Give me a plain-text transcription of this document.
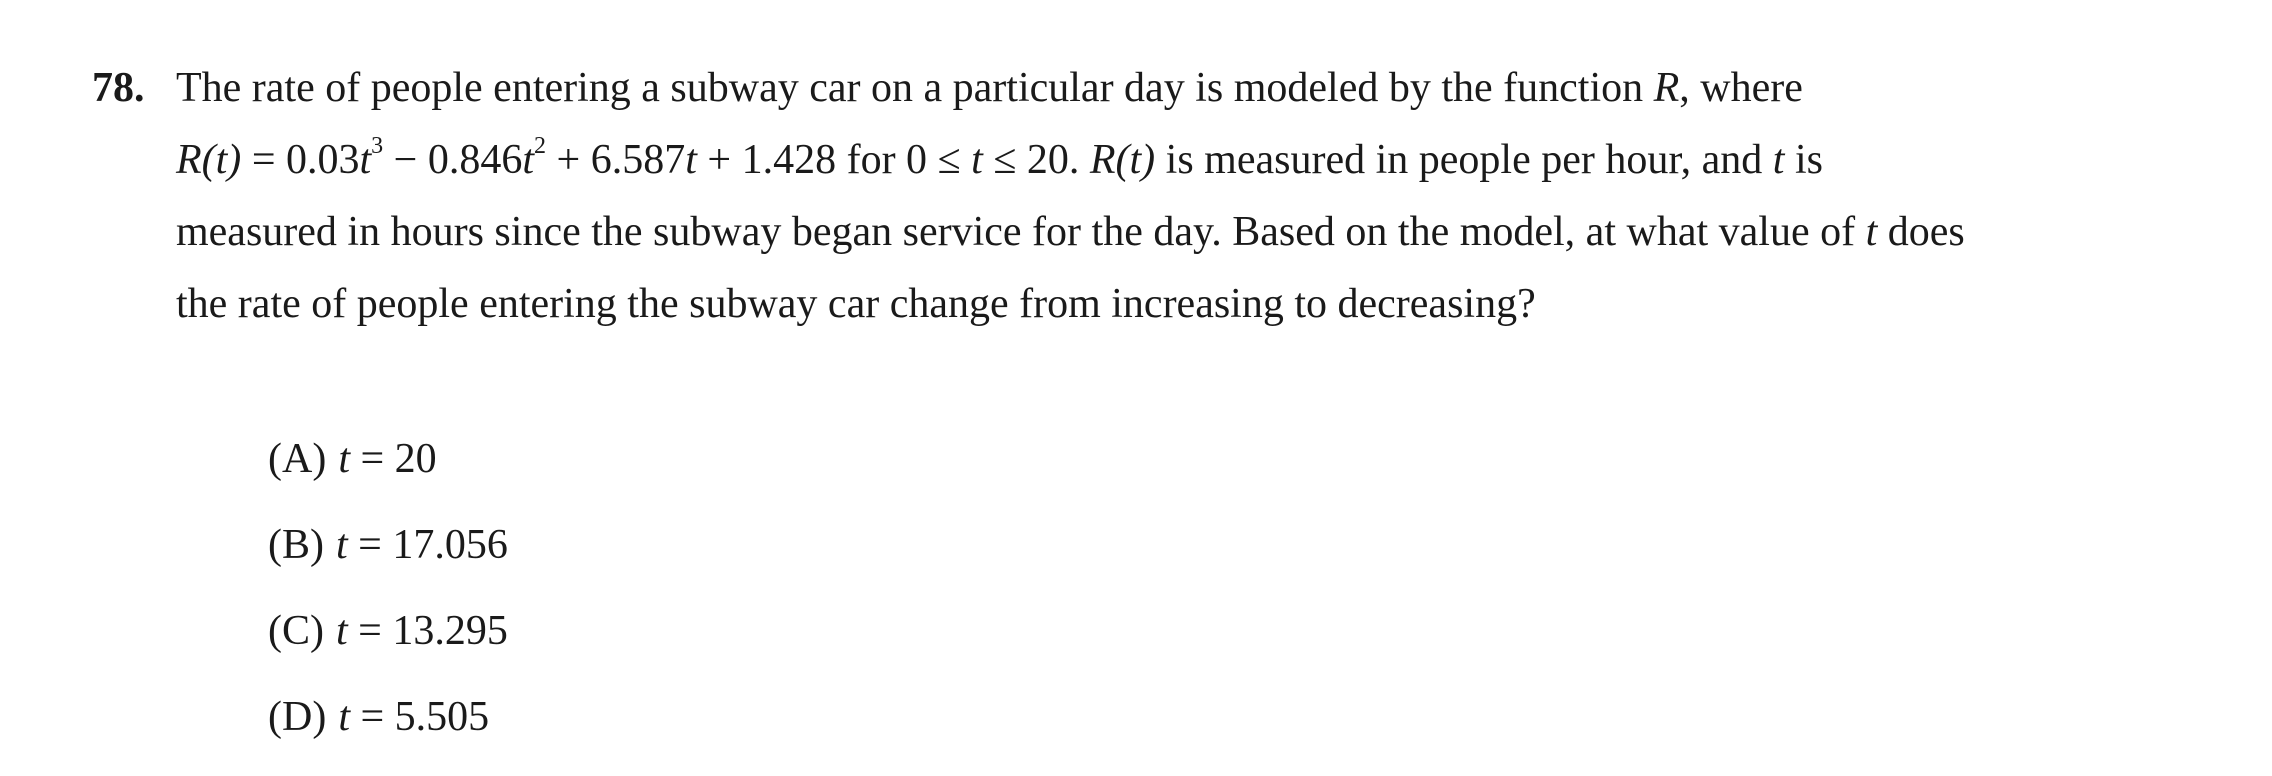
78. The rate of people entering a subway car on a particular day is modeled by the function R, where
$R(t) = 0.03t^3 - 0.846t^2 + 6.587t + 1.428$ for 0 ≤ t ≤ 20. R(t) is measured in people per hour, and t is
measured in hours since the subway began service for the day. Based on the model, at what value of t does
the rate of people entering the subway car change from increasing to decreasing?
(A) t = 20
(B) t = 17.056
(C) t = 13.295
(D) t = 5.505
